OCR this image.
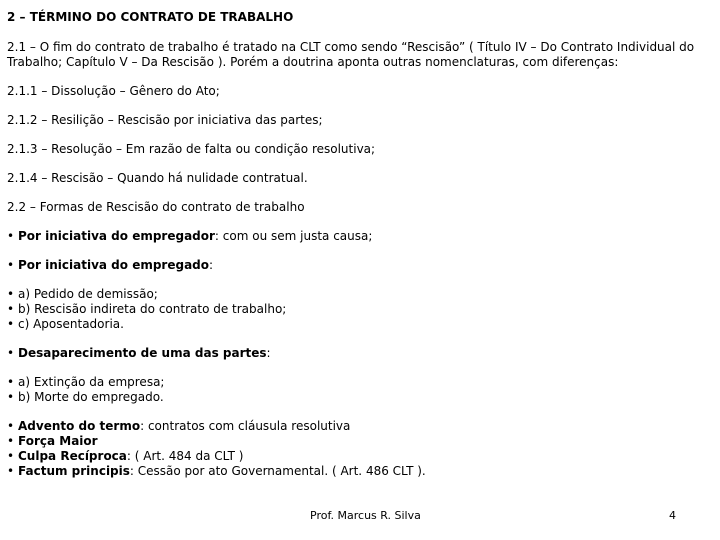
2 – TÉRMINO DO CONTRATO DE TRABALHO

2.1 – O fim do contrato de trabalho é tratado na CLT como sendo “Rescisão” ( Título IV – Do Contrato Individual do Trabalho; Capítulo V – Da Rescisão ). Porém a doutrina aponta outras nomenclaturas, com diferenças:

2.1.1 – Dissolução – Gênero do Ato;

2.1.2 – Resilição – Rescisão por iniciativa das partes;

2.1.3 – Resolução – Em razão de falta ou condição resolutiva;

2.1.4 – Rescisão – Quando há nulidade contratual.

2.2 – Formas de Rescisão do contrato de trabalho

• Por iniciativa do empregador: com ou sem justa causa;
• Por iniciativa do empregado:
• a) Pedido de demissão;
• b) Rescisão indireta do contrato de trabalho;
• c) Aposentadoria.
• Desaparecimento de uma das partes:
• a) Extinção da empresa;
• b) Morte do empregado.
• Advento do termo: contratos com cláusula resolutiva
• Força Maior
• Culpa Recíproca: ( Art. 484 da CLT )
• Factum principis: Cessão por ato Governamental. ( Art. 486 CLT ).
Prof. Marcus R. Silva	4
